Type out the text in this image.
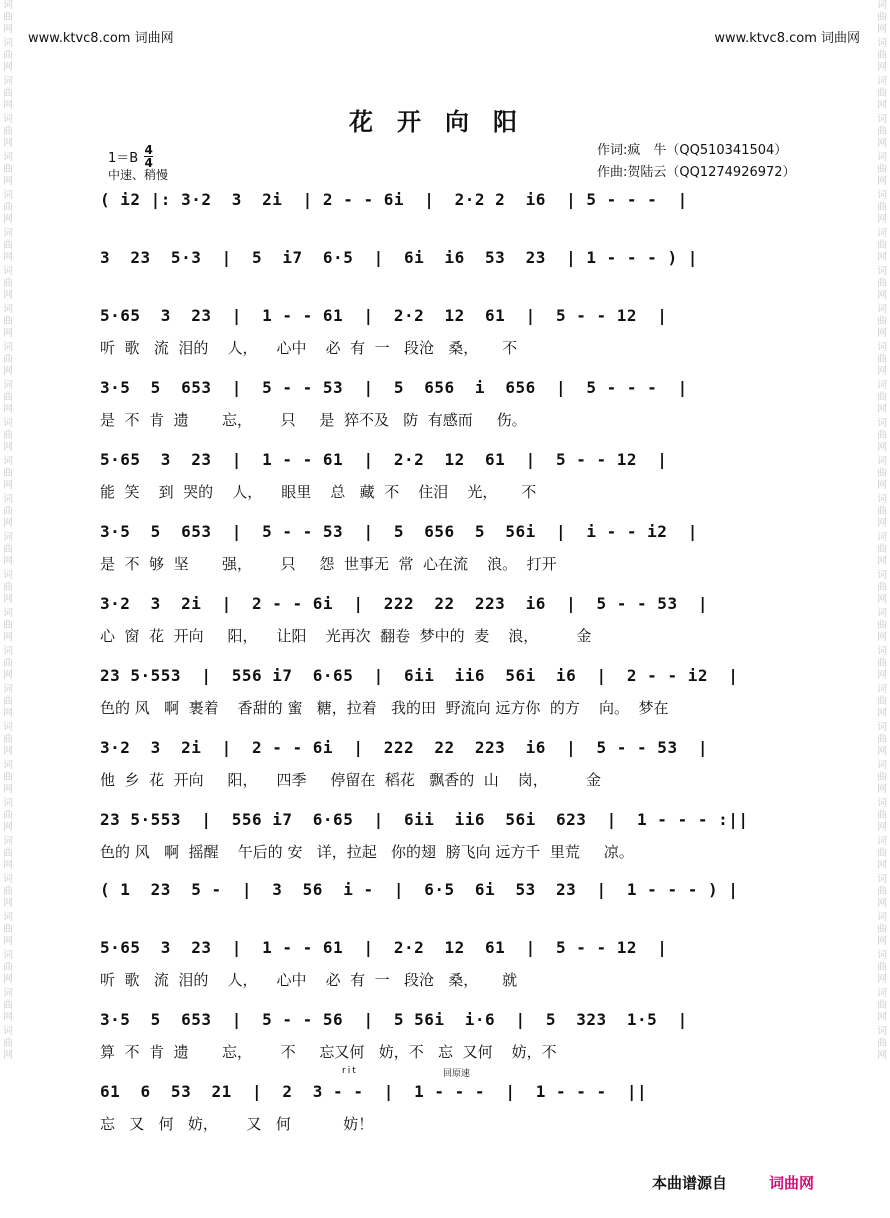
词曲网
词曲网
词曲网
词曲网
词曲网
词曲网
词曲网
词曲网
词曲网
词曲网
词曲网
词曲网
词曲网
词曲网
词曲网
词曲网
词曲网
词曲网
词曲网
词曲网
词曲网
词曲网
词曲网
词曲网
词曲网
词曲网
词曲网
词曲网
词曲网
词曲网
词曲网
词曲网
词曲网
词曲网
词曲网
词曲网
词曲网
词曲网
词曲网
词曲网
词曲网
词曲网
词曲网
词曲网
词曲网
词曲网
词曲网
词曲网
词曲网
词曲网
词曲网
词曲网
词曲网
词曲网
词曲网
词曲网
www.ktvc8.com 词曲网	www.ktvc8.com 词曲网
花开向阳
$1=B \frac{4}{4}$
中速、稍慢
作词:疯　牛（QQ510341504）
作曲:贺陆云（QQ1274926972）
( i2 |: 3·2  3  2i  | 2 - - 6i  |  2·2 2  i6  | 5 - - -  |
3  23  5·3  |  5  i7  6·5  |  6i  i6  53  23  | 1 - - - ) |
5·65  3  23  |  1 - - 61  |  2·2  12  61  |  5 - - 12  |
听  歌   流  泪的    人，    心中    必  有  一   段沧   桑，     不
3·5  5  653  |  5 - - 53  |  5  656  i  656  |  5 - - -  |
是  不  肯  遗       忘，      只     是  猝不及   防  有感而     伤。
5·65  3  23  |  1 - - 61  |  2·2  12  61  |  5 - - 12  |
能  笑    到  哭的    人，    眼里    总   藏  不    住泪    光，     不
3·5  5  653  |  5 - - 53  |  5  656  5  56i  |  i - - i2  |
是  不  够  坚       强，      只     怨  世事无  常  心在流    浪。  打开
3·2  3  2i  |  2 - - 6i  |  222  22  223  i6  |  5 - - 53  |
心  窗  花  开向     阳，    让阳    光再次  翻卷  梦中的  麦    浪，        金
23 5·553  |  556 i7  6·65  |  6ii  ii6  56i  i6  |  2 - - i2  |
色的 风   啊  裹着    香甜的 蜜   糖，拉着   我的田  野流向 远方你  的方    向。  梦在
3·2  3  2i  |  2 - - 6i  |  222  22  223  i6  |  5 - - 53  |
他  乡  花  开向     阳，    四季     停留在  稻花   飘香的  山    岗，        金
23 5·553  |  556 i7  6·65  |  6ii  ii6  56i  623  |  1 - - - :||
色的 风   啊  摇醒    午后的 安   详，拉起   你的翅  膀飞向 远方千  里荒     凉。
( 1  23  5 -  |  3  56  i -  |  6·5  6i  53  23  |  1 - - - ) |
5·65  3  23  |  1 - - 61  |  2·2  12  61  |  5 - - 12  |
听  歌   流  泪的    人，    心中    必  有  一   段沧   桑，     就
3·5  5  653  |  5 - - 56  |  5 56i  i·6  |  5  323  1·5  |
算  不  肯  遗       忘，      不     忘又何   妨，不   忘  又何    妨，不
61  6  53  21  |  2  3 - -  |  1 - - -  |  1 - - -  ||
忘   又   何   妨，      又   何           妨！
rit	回原速
本曲谱源自	词曲网
